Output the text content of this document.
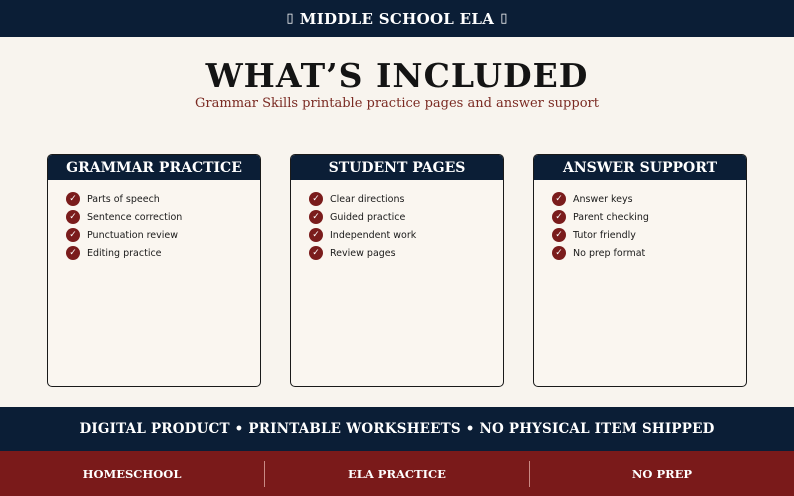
▯ MIDDLE SCHOOL ELA ▯
WHAT’S INCLUDED
Grammar Skills printable practice pages and answer support
GRAMMAR PRACTICE
✓	Parts of speech
✓	Sentence correction
✓	Punctuation review
✓	Editing practice
STUDENT PAGES
✓	Clear directions
✓	Guided practice
✓	Independent work
✓	Review pages
ANSWER SUPPORT
✓	Answer keys
✓	Parent checking
✓	Tutor friendly
✓	No prep format
DIGITAL PRODUCT • PRINTABLE WORKSHEETS • NO PHYSICAL ITEM SHIPPED
HOMESCHOOL	ELA PRACTICE	NO PREP
